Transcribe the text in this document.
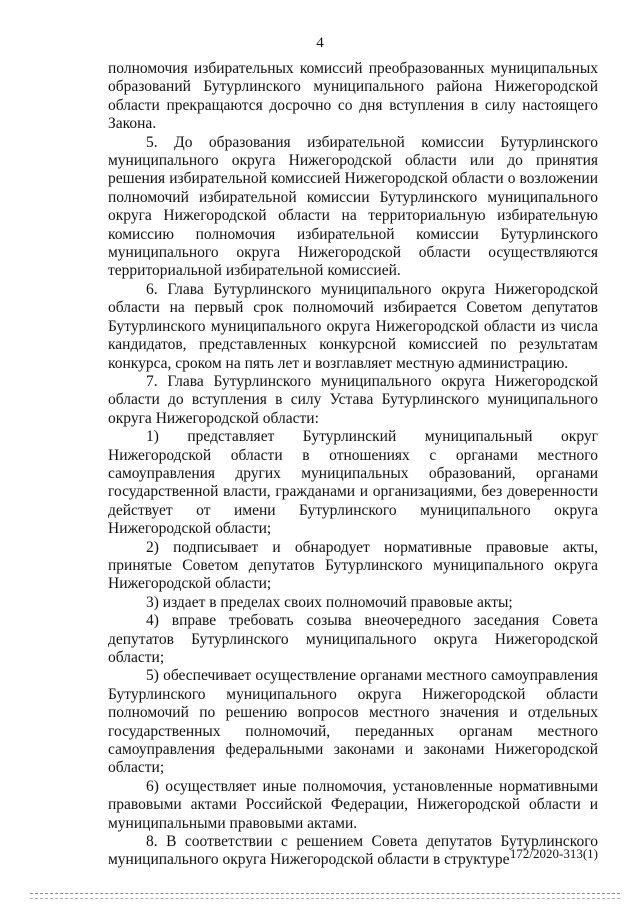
4

полномочия избирательных комиссий преобразованных муниципальных образований Бутурлинского муниципального района Нижегородской области прекращаются досрочно со дня вступления в силу настоящего Закона.

5. До образования избирательной комиссии Бутурлинского муниципального округа Нижегородской области или до принятия решения избирательной комиссией Нижегородской области о возложении полномочий избирательной комиссии Бутурлинского муниципального округа Нижегородской области на территориальную избирательную комиссию полномочия избирательной комиссии Бутурлинского муниципального округа Нижегородской области осуществляются территориальной избирательной комиссией.

6. Глава Бутурлинского муниципального округа Нижегородской области на первый срок полномочий избирается Советом депутатов Бутурлинского муниципального округа Нижегородской области из числа кандидатов, представленных конкурсной комиссией по результатам конкурса, сроком на пять лет и возглавляет местную администрацию.

7. Глава Бутурлинского муниципального округа Нижегородской области до вступления в силу Устава Бутурлинского муниципального округа Нижегородской области:

1) представляет Бутурлинский муниципальный округ Нижегородской области в отношениях с органами местного самоуправления других муниципальных образований, органами государственной власти, гражданами и организациями, без доверенности действует от имени Бутурлинского муниципального округа Нижегородской области;

2) подписывает и обнародует нормативные правовые акты, принятые Советом депутатов Бутурлинского муниципального округа Нижегородской области;

3) издает в пределах своих полномочий правовые акты;

4) вправе требовать созыва внеочередного заседания Совета депутатов Бутурлинского муниципального округа Нижегородской области;

5) обеспечивает осуществление органами местного самоуправления Бутурлинского муниципального округа Нижегородской области полномочий по решению вопросов местного значения и отдельных государственных полномочий, переданных органам местного самоуправления федеральными законами и законами Нижегородской области;

6) осуществляет иные полномочия, установленные нормативными правовыми актами Российской Федерации, Нижегородской области и муниципальными правовыми актами.

8. В соответствии с решением Совета депутатов Бутурлинского муниципального округа Нижегородской области в структуре 172/2020-313(1)
